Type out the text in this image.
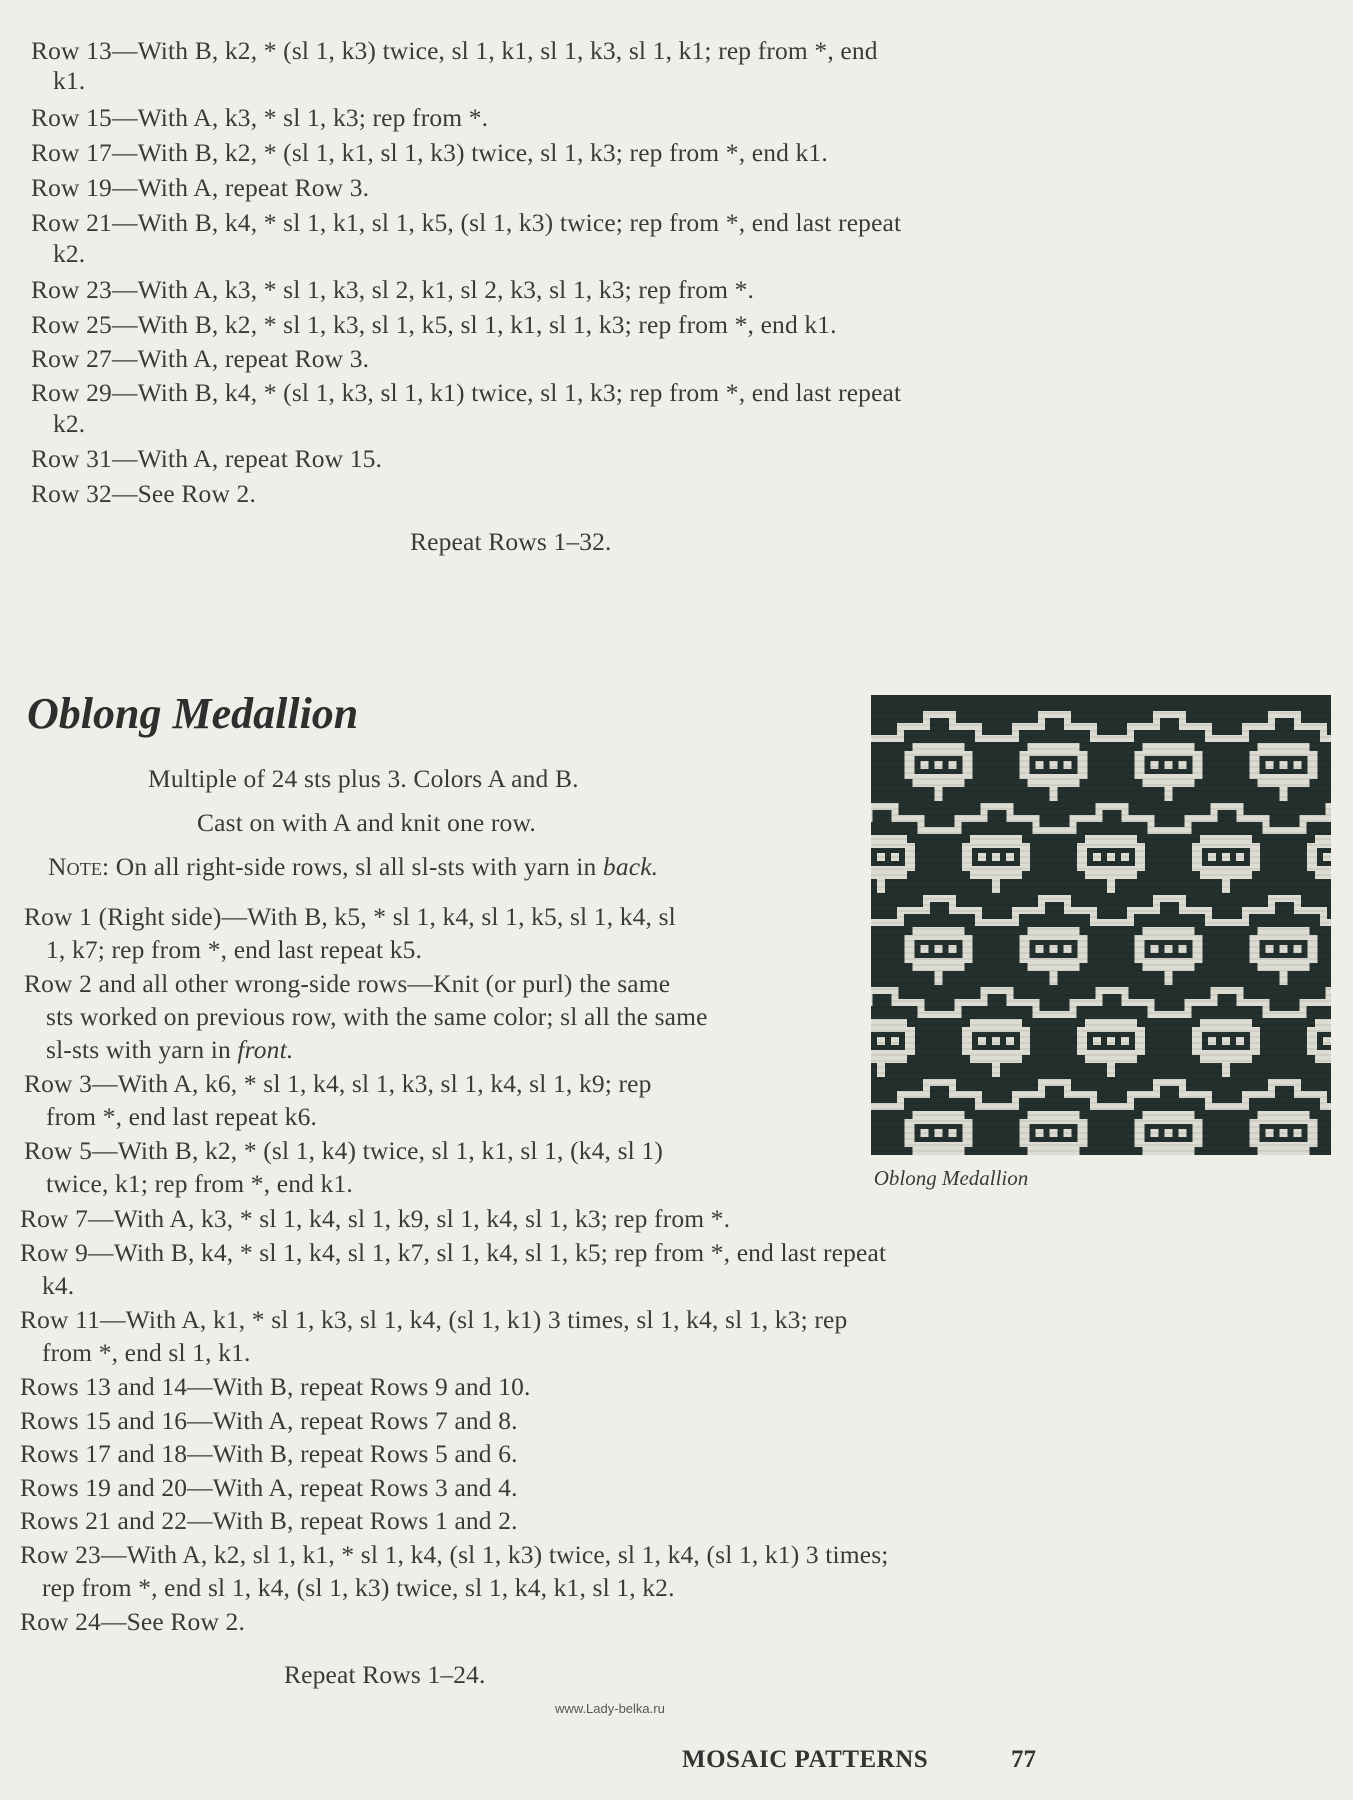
Row 13—With B, k2, * (sl 1, k3) twice, sl 1, k1, sl 1, k3, sl 1, k1; rep from *, end
k1.
Row 15—With A, k3, * sl 1, k3; rep from *.
Row 17—With B, k2, * (sl 1, k1, sl 1, k3) twice, sl 1, k3; rep from *, end k1.
Row 19—With A, repeat Row 3.
Row 21—With B, k4, * sl 1, k1, sl 1, k5, (sl 1, k3) twice; rep from *, end last repeat
k2.
Row 23—With A, k3, * sl 1, k3, sl 2, k1, sl 2, k3, sl 1, k3; rep from *.
Row 25—With B, k2, * sl 1, k3, sl 1, k5, sl 1, k1, sl 1, k3; rep from *, end k1.
Row 27—With A, repeat Row 3.
Row 29—With B, k4, * (sl 1, k3, sl 1, k1) twice, sl 1, k3; rep from *, end last repeat
k2.
Row 31—With A, repeat Row 15.
Row 32—See Row 2.
Repeat Rows 1–32.
Oblong Medallion
Multiple of 24 sts plus 3. Colors A and B.
Cast on with A and knit one row.
Note: On all right-side rows, sl all sl-sts with yarn in back.
Row 1 (Right side)—With B, k5, * sl 1, k4, sl 1, k5, sl 1, k4, sl
1, k7; rep from *, end last repeat k5.
Row 2 and all other wrong-side rows—Knit (or purl) the same
sts worked on previous row, with the same color; sl all the same
sl-sts with yarn in front.
Row 3—With A, k6, * sl 1, k4, sl 1, k3, sl 1, k4, sl 1, k9; rep
from *, end last repeat k6.
Row 5—With B, k2, * (sl 1, k4) twice, sl 1, k1, sl 1, (k4, sl 1)
twice, k1; rep from *, end k1.
Row 7—With A, k3, * sl 1, k4, sl 1, k9, sl 1, k4, sl 1, k3; rep from *.
Row 9—With B, k4, * sl 1, k4, sl 1, k7, sl 1, k4, sl 1, k5; rep from *, end last repeat
k4.
Row 11—With A, k1, * sl 1, k3, sl 1, k4, (sl 1, k1) 3 times, sl 1, k4, sl 1, k3; rep
from *, end sl 1, k1.
Rows 13 and 14—With B, repeat Rows 9 and 10.
Rows 15 and 16—With A, repeat Rows 7 and 8.
Rows 17 and 18—With B, repeat Rows 5 and 6.
Rows 19 and 20—With A, repeat Rows 3 and 4.
Rows 21 and 22—With B, repeat Rows 1 and 2.
Row 23—With A, k2, sl 1, k1, * sl 1, k4, (sl 1, k3) twice, sl 1, k4, (sl 1, k1) 3 times;
rep from *, end sl 1, k4, (sl 1, k3) twice, sl 1, k4, k1, sl 1, k2.
Row 24—See Row 2.
Repeat Rows 1–24.
Oblong Medallion
www.Lady-belka.ru
MOSAIC PATTERNS	77
